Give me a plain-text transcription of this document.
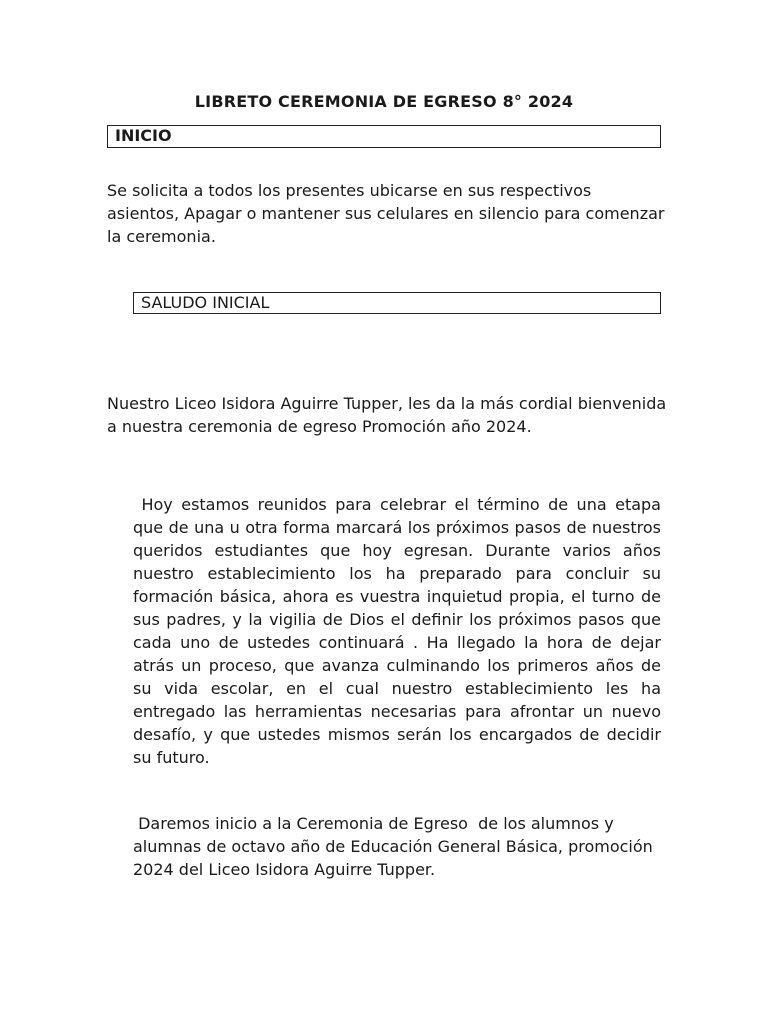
LIBRETO CEREMONIA DE EGRESO 8° 2024
INICIO

Se solicita a todos los presentes ubicarse en sus respectivos asientos, Apagar o mantener sus celulares en silencio para comenzar la ceremonia.

SALUDO INICIAL

Nuestro Liceo Isidora Aguirre Tupper, les da la más cordial bienvenida a nuestra ceremonia de egreso Promoción año 2024.

Hoy estamos reunidos para celebrar el término de una etapa que de una u otra forma marcará los próximos pasos de nuestros queridos estudiantes que hoy egresan. Durante varios años nuestro establecimiento los ha preparado para concluir su formación básica, ahora es vuestra inquietud propia, el turno de sus padres, y la vigilia de Dios el definir los próximos pasos que cada uno de ustedes continuará . Ha llegado la hora de dejar atrás un proceso, que avanza culminando los primeros años de su vida escolar, en el cual nuestro establecimiento les ha entregado las herramientas necesarias para afrontar un nuevo desafío, y que ustedes mismos serán los encargados de decidir su futuro.

Daremos inicio a la Ceremonia de Egreso  de los alumnos y alumnas de octavo año de Educación General Básica, promoción 2024 del Liceo Isidora Aguirre Tupper.
